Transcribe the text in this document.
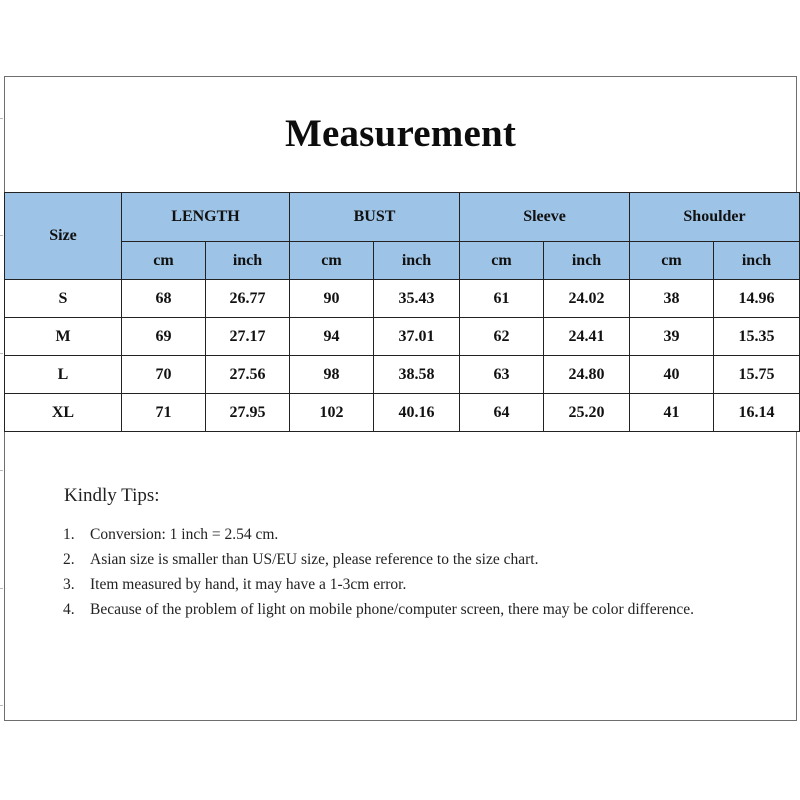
Measurement
Size	LENGTH		BUST		Sleeve		Shoulder	
	cm	inch	cm	inch	cm	inch	cm	inch
S	68	26.77	90	35.43	61	24.02	38	14.96
M	69	27.17	94	37.01	62	24.41	39	15.35
L	70	27.56	98	38.58	63	24.80	40	15.75
XL	71	27.95	102	40.16	64	25.20	41	16.14
Kindly Tips:
1. Conversion: 1 inch = 2.54 cm.
2. Asian size is smaller than US/EU size, please reference to the size chart.
3. Item measured by hand, it may have a 1-3cm error.
4. Because of the problem of light on mobile phone/computer screen, there may be color difference.
